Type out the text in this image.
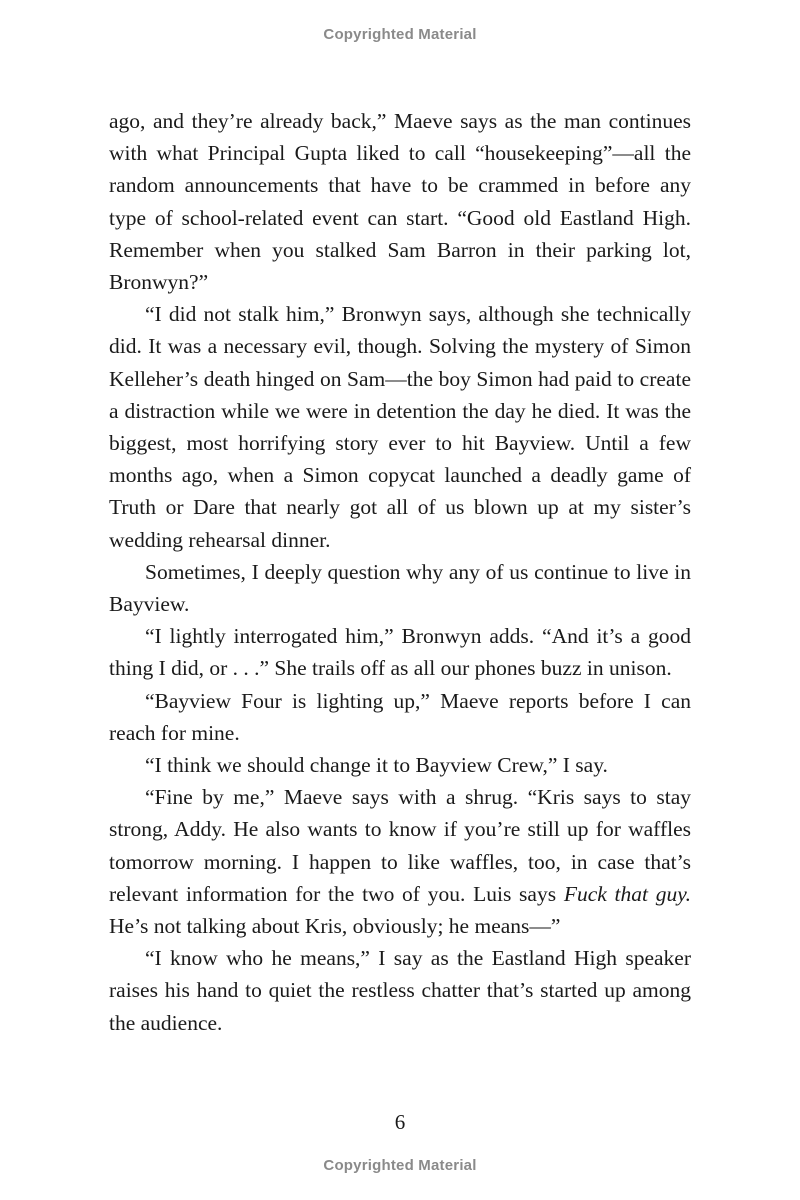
Copyrighted Material

ago, and they’re already back,” Maeve says as the man continues with what Principal Gupta liked to call “housekeeping”—all the random announcements that have to be crammed in before any type of school-related event can start. “Good old Eastland High. Remember when you stalked Sam Barron in their parking lot, Bronwyn?”

“I did not stalk him,” Bronwyn says, although she technically did. It was a necessary evil, though. Solving the mystery of Simon Kelleher’s death hinged on Sam—the boy Simon had paid to create a distraction while we were in detention the day he died. It was the biggest, most horrifying story ever to hit Bayview. Until a few months ago, when a Simon copycat launched a deadly game of Truth or Dare that nearly got all of us blown up at my sister’s wedding rehearsal dinner.

Sometimes, I deeply question why any of us continue to live in Bayview.

“I lightly interrogated him,” Bronwyn adds. “And it’s a good thing I did, or . . .” She trails off as all our phones buzz in unison.

“Bayview Four is lighting up,” Maeve reports before I can reach for mine.

“I think we should change it to Bayview Crew,” I say.

“Fine by me,” Maeve says with a shrug. “Kris says to stay strong, Addy. He also wants to know if you’re still up for waffles tomorrow morning. I happen to like waffles, too, in case that’s relevant information for the two of you. Luis says Fuck that guy. He’s not talking about Kris, obviously; he means—”

“I know who he means,” I say as the Eastland High speaker raises his hand to quiet the restless chatter that’s started up among the audience.

6
Copyrighted Material
